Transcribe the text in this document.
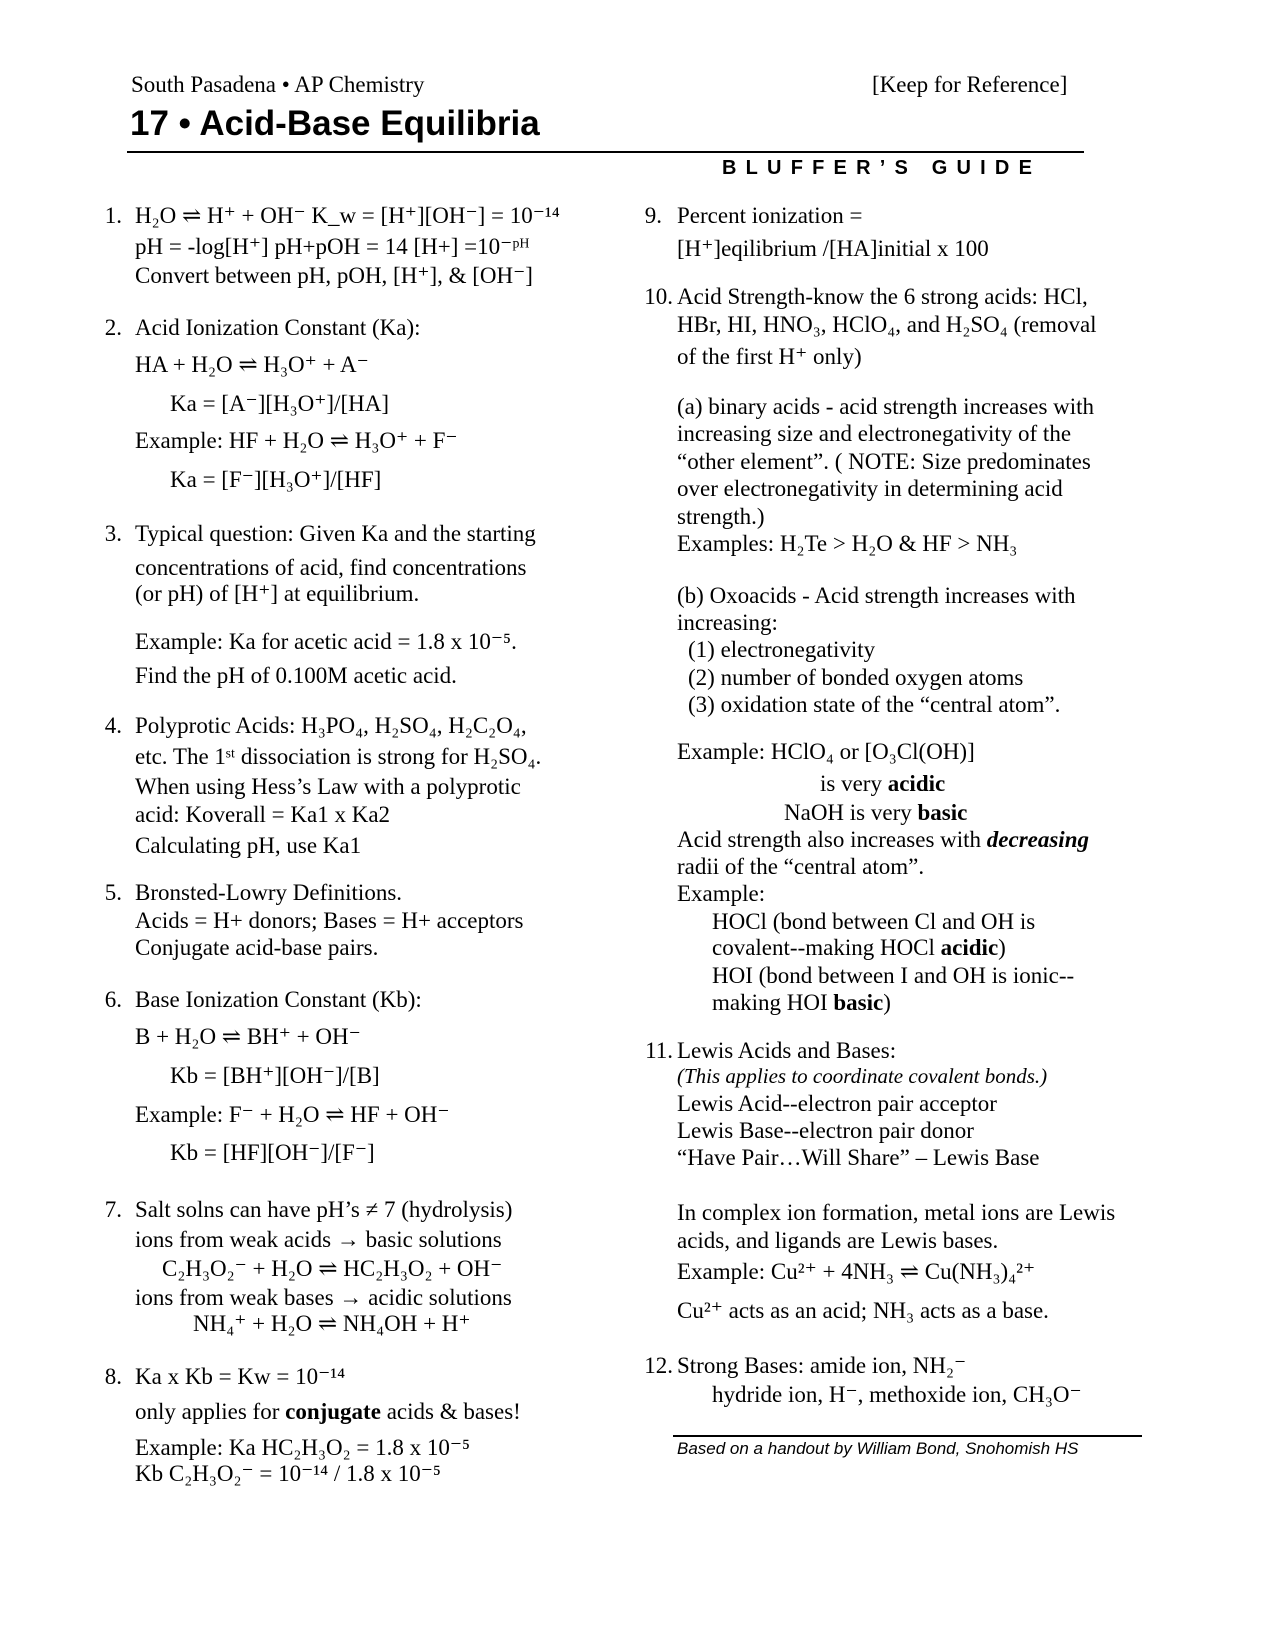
South Pasadena • AP Chemistry	[Keep for Reference]
17 • Acid-Base Equilibria
BLUFFER’S GUIDE
1. H₂O ⇌ H⁺ + OH⁻ K_w = [H⁺][OH⁻] = 10⁻¹⁴
pH = -log[H⁺] pH+pOH = 14 [H+] =10⁻ᵖᴴ
Convert between pH, pOH, [H⁺], & [OH⁻]
2. Acid Ionization Constant (Ka):
HA + H₂O ⇌ H₃O⁺ + A⁻
Ka = [A⁻][H₃O⁺]/[HA]
Example: HF + H₂O ⇌ H₃O⁺ + F⁻
Ka = [F⁻][H₃O⁺]/[HF]
3. Typical question: Given Ka and the starting
concentrations of acid, find concentrations
(or pH) of [H⁺] at equilibrium.
Example: Ka for acetic acid = 1.8 x 10⁻⁵.
Find the pH of 0.100M acetic acid.
4. Polyprotic Acids: H₃PO₄, H₂SO₄, H₂C₂O₄,
etc. The 1ˢᵗ dissociation is strong for H₂SO₄.
When using Hess’s Law with a polyprotic
acid: Koverall = Ka1 x Ka2
Calculating pH, use Ka1
5. Bronsted-Lowry Definitions.
Acids = H+ donors; Bases = H+ acceptors
Conjugate acid-base pairs.
6. Base Ionization Constant (Kb):
B + H₂O ⇌ BH⁺ + OH⁻
Kb = [BH⁺][OH⁻]/[B]
Example: F⁻ + H₂O ⇌ HF + OH⁻
Kb = [HF][OH⁻]/[F⁻]
7. Salt solns can have pH’s ≠ 7 (hydrolysis)
ions from weak acids → basic solutions
C₂H₃O₂⁻ + H₂O ⇌ HC₂H₃O₂ + OH⁻
ions from weak bases → acidic solutions
NH₄⁺ + H₂O ⇌ NH₄OH + H⁺
8. Ka x Kb = Kw = 10⁻¹⁴
only applies for conjugate acids & bases!
Example: Ka HC₂H₃O₂ = 1.8 x 10⁻⁵
Kb C₂H₃O₂⁻ = 10⁻¹⁴ / 1.8 x 10⁻⁵
9. Percent ionization =
[H⁺]eqilibrium /[HA]initial x 100
10. Acid Strength-know the 6 strong acids: HCl,
HBr, HI, HNO₃, HClO₄, and H₂SO₄ (removal
of the first H⁺ only)
(a) binary acids - acid strength increases with
increasing size and electronegativity of the
“other element”. ( NOTE: Size predominates
over electronegativity in determining acid
strength.)
Examples: H₂Te > H₂O & HF > NH₃
(b) Oxoacids - Acid strength increases with
increasing:
(1) electronegativity
(2) number of bonded oxygen atoms
(3) oxidation state of the “central atom”.
Example: HClO₄ or [O₃Cl(OH)]
is very acidic
NaOH is very basic
Acid strength also increases with decreasing
radii of the “central atom”.
Example:
HOCl (bond between Cl and OH is
covalent--making HOCl acidic)
HOI (bond between I and OH is ionic--
making HOI basic)
11. Lewis Acids and Bases:
(This applies to coordinate covalent bonds.)
Lewis Acid--electron pair acceptor
Lewis Base--electron pair donor
“Have Pair…Will Share” – Lewis Base
In complex ion formation, metal ions are Lewis
acids, and ligands are Lewis bases.
Example: Cu²⁺ + 4NH₃ ⇌ Cu(NH₃)₄²⁺
Cu²⁺ acts as an acid; NH₃ acts as a base.
12. Strong Bases: amide ion, NH₂⁻
hydride ion, H⁻, methoxide ion, CH₃O⁻
Based on a handout by William Bond, Snohomish HS
